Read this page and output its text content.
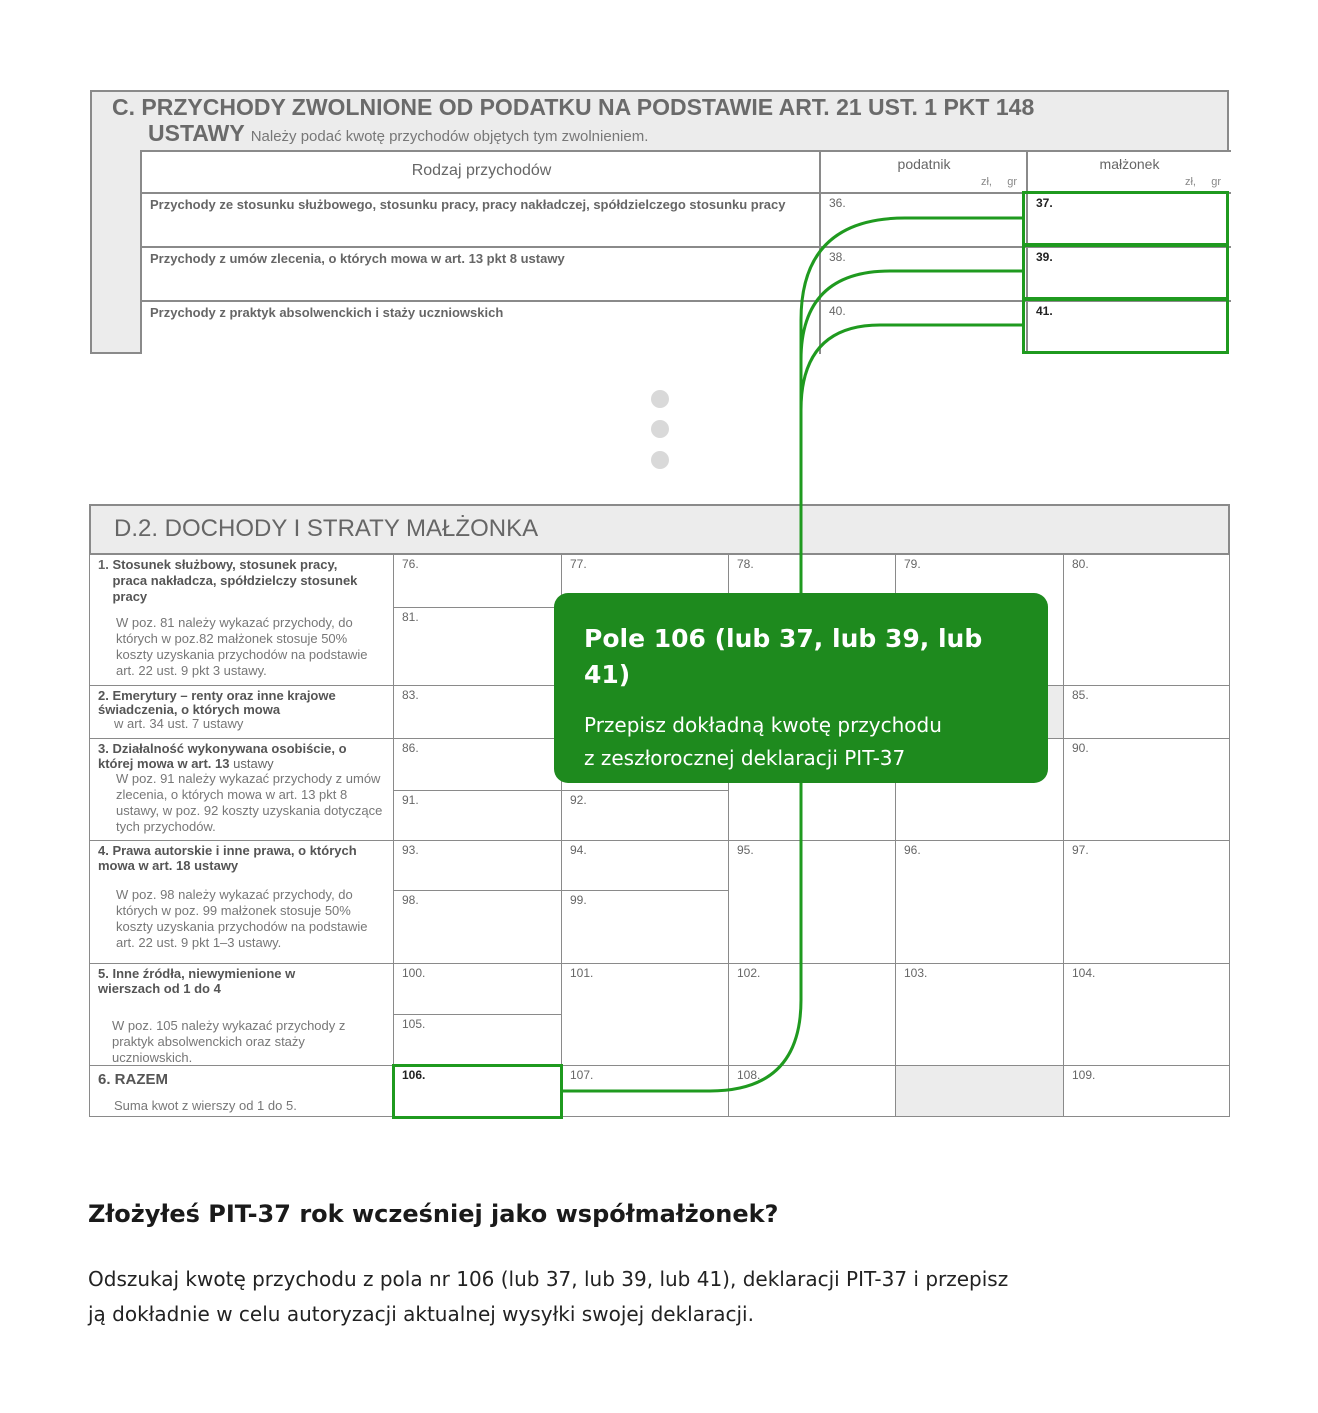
C. PRZYCHODY ZWOLNIONE OD PODATKU NA PODSTAWIE ART. 21 UST. 1 PKT 148
USTAWY Należy podać kwotę przychodów objętych tym zwolnieniem.
Rodzaj przychodów	podatnik
zł, gr
małżonek
zł, gr
Przychody ze stosunku służbowego, stosunku pracy, pracy nakładczej, spółdzielczego stosunku pracy	36.	37.
Przychody z umów zlecenia, o których mowa w art. 13 pkt 8 ustawy	38.	39.
Przychody z praktyk absolwenckich i staży uczniowskich	40.	41.
D.2. DOCHODY I STRATY MAŁŻONKA
1. Stosunek służbowy, stosunek pracy, praca nakładcza, spółdzielczy stosunek pracy
W poz. 81 należy wykazać przychody, do których w poz.82 małżonek stosuje 50% koszty uzyskania przychodów na podstawie art. 22 ust. 9 pkt 3 ustawy.
76.	77.	78.	79.	80.
81.
2. Emerytury – renty oraz inne krajowe świadczenia, o których mowa
w art. 34 ust. 7 ustawy
83.	85.
3. Działalność wykonywana osobiście, o której mowa w art. 13 ustawy
W poz. 91 należy wykazać przychody z umów zlecenia, o których mowa w art. 13 pkt 8 ustawy, w poz. 92 koszty uzyskania dotyczące tych przychodów.
86.	90.
91.	92.
4. Prawa autorskie i inne prawa, o których mowa w art. 18 ustawy
W poz. 98 należy wykazać przychody, do których w poz. 99 małżonek stosuje 50% koszty uzyskania przychodów na podstawie art. 22 ust. 9 pkt 1–3 ustawy.
93.	94.	95.	96.	97.
98.	99.
5. Inne źródła, niewymienione w wierszach od 1 do 4
W poz. 105 należy wykazać przychody z praktyk absolwenckich oraz staży uczniowskich.
100.	101.	102.	103.	104.
105.
6. RAZEM
Suma kwot z wierszy od 1 do 5.
106.	107.	108.	109.
Pole 106 (lub 37, lub 39, lub 41)
Przepisz dokładną kwotę przychodu
z zeszłorocznej deklaracji PIT-37
Złożyłeś PIT-37 rok wcześniej jako współmałżonek?
Odszukaj kwotę przychodu z pola nr 106 (lub 37, lub 39, lub 41), deklaracji PIT-37 i przepisz
ją dokładnie w celu autoryzacji aktualnej wysyłki swojej deklaracji.
